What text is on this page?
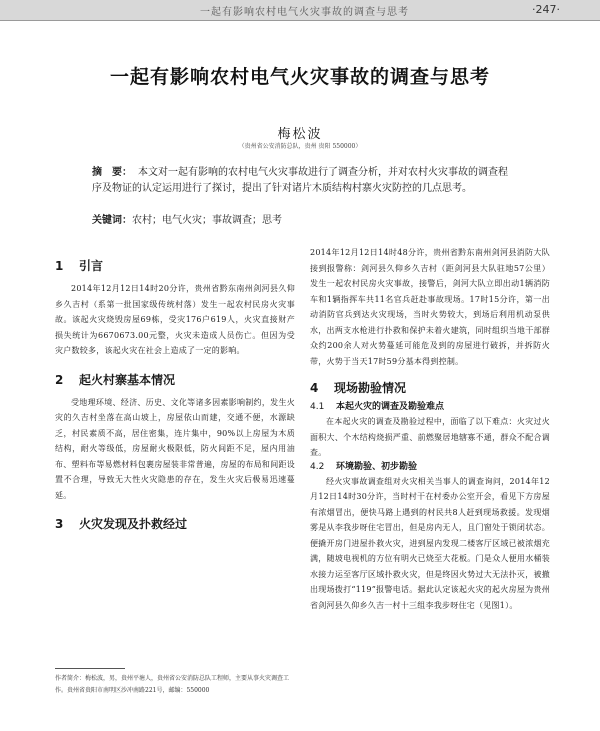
一起有影响农村电气火灾事故的调查与思考	·247·
一起有影响农村电气火灾事故的调查与思考
梅松波
（贵州省公安消防总队，贵州 贵阳 550000）
摘　要： 本文对一起有影响的农村电气火灾事故进行了调查分析，并对农村火灾事故的调查程序及物证的认定运用进行了探讨，提出了针对诸片木质结构村寨火灾防控的几点思考。
关键词：农村；电气火灾；事故调查；思考
1 引言

2014年12月12日14时20分许，贵州省黔东南州剑河县久仰乡久吉村（系第一批国家级传统村落）发生一起农村民房火灾事故。该起火灾烧毁房屋69栋，受灾176户619人，火灾直接财产损失统计为6670673.00元整，火灾未造成人员伤亡。但因为受灾户数较多，该起火灾在社会上造成了一定的影响。

2 起火村寨基本情况

受地理环境、经济、历史、文化等诸多因素影响制约，发生火灾的久吉村坐落在高山坡上，房屋依山而建，交通不便，水源缺乏，村民素质不高，居住密集，连片集中，90%以上房屋为木质结构，耐火等级低，房屋耐火极限低，防火间距不足，屋内用油布、塑料布等易燃材料包裹房屋装非常普遍，房屋的布局和间距设置不合理，导致无大性火灾隐患的存在，发生火灾后极易迅速蔓延。

3 火灾发现及扑救经过

2014年12月12日14时48分许，贵州省黔东南州剑河县消防大队接到报警称：剑河县久仰乡久吉村（距剑河县大队驻地57公里）发生一起农村民房火灾事故，接警后，剑河大队立即出动1辆消防车和1辆指挥车共11名官兵赶赴事故现场。17时15分许，第一出动消防官兵到达火灾现场，当时火势较大，到场后利用机动泵供水，出两支水枪进行扑救和保护未着火建筑，同时组织当地干部群众约200余人对火势蔓延可能危及到的房屋进行破拆，并拆防火带，火势于当天17时59分基本得到控制。

4 现场勘验情况
4.1 本起火灾的调查及勘验难点

在本起火灾的调查及勘验过程中，面临了以下难点：火灾过火面积大、个木结构烧损严重、前燃聚居地辖寡不通，群众不配合调查。

4.2 环境勘验、初步勘验

经火灾事故调查组对火灾相关当事人的调查询问，2014年12月12日14时30分许，当时村干在村委办公室开会，看见下方房屋有浓烟冒出，便快马路上遇到的村民共8人赶到现场救援。发现烟雾是从李我步呀住宅冒出，但是房内无人，且门窗处于锁闭状态。便撬开房门进屋扑救火灾，进到屋内发现二楼客厅区域已被浓烟充满，随坡电视机的方位有明火已烧至大花板。门是众人便用水桶装水接力运至客厅区域扑救火灾，但是终因火势过大无法扑灭，被撤出现场拨打“119”报警电话。据此认定该起火灾的起火房屋为贵州省剑河县久仰乡久吉一村十三组李我步呀住宅（见图1）。

作者简介：梅松波，男，贵州平塘人，贵州省公安消防总队工程师，主要从事火灾调查工作。贵州省贵阳市南明区沙冲南路221号，邮编：550000
